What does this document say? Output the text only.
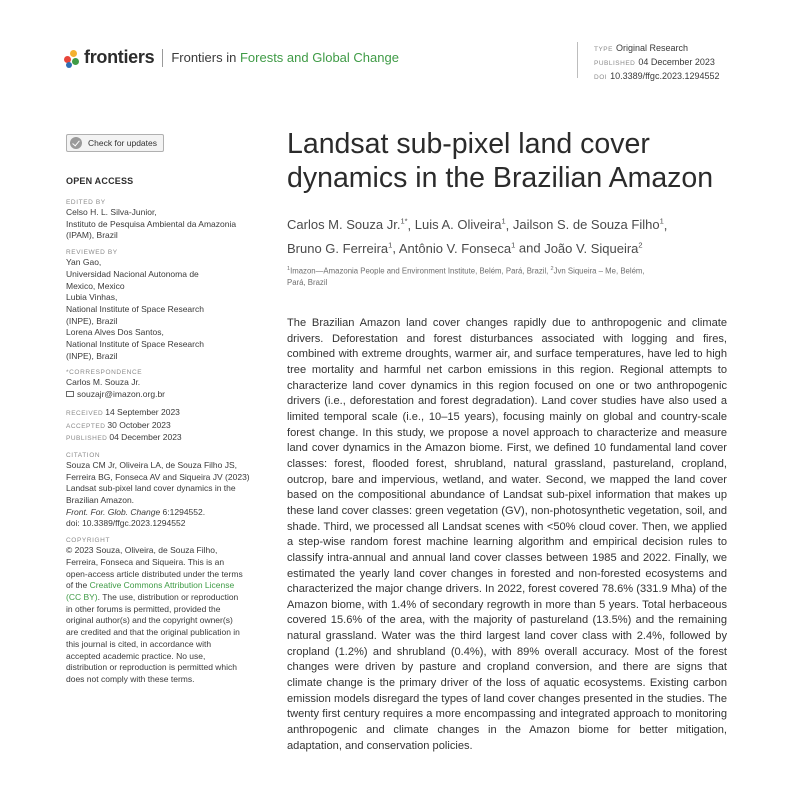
frontiers Frontiers in Forests and Global Change
TYPE Original Research
PUBLISHED 04 December 2023
DOI 10.3389/ffgc.2023.1294552
Check for updates
OPEN ACCESS
EDITED BY
Celso H. L. Silva-Junior,
Instituto de Pesquisa Ambiental da Amazonia
(IPAM), Brazil
REVIEWED BY
Yan Gao,
Universidad Nacional Autonoma de
Mexico, Mexico
Lubia Vinhas,
National Institute of Space Research
(INPE), Brazil
Lorena Alves Dos Santos,
National Institute of Space Research
(INPE), Brazil
*CORRESPONDENCE
Carlos M. Souza Jr.
souzajr@imazon.org.br
RECEIVED 14 September 2023
ACCEPTED 30 October 2023
PUBLISHED 04 December 2023
CITATION
Souza CM Jr, Oliveira LA, de Souza Filho JS,
Ferreira BG, Fonseca AV and Siqueira JV (2023)
Landsat sub-pixel land cover dynamics in the
Brazilian Amazon.
Front. For. Glob. Change 6:1294552.
doi: 10.3389/ffgc.2023.1294552
COPYRIGHT
© 2023 Souza, Oliveira, de Souza Filho,
Ferreira, Fonseca and Siqueira. This is an
open-access article distributed under the terms
of the Creative Commons Attribution License
(CC BY). The use, distribution or reproduction
in other forums is permitted, provided the
original author(s) and the copyright owner(s)
are credited and that the original publication in
this journal is cited, in accordance with
accepted academic practice. No use,
distribution or reproduction is permitted which
does not comply with these terms.
Landsat sub-pixel land cover
dynamics in the Brazilian Amazon
Carlos M. Souza Jr.$^{1*}$, Luis A. Oliveira$^1$, Jailson S. de Souza Filho$^1$,
Bruno G. Ferreira$^1$, Antônio V. Fonseca$^1$ and João V. Siqueira$^2$
$^1$Imazon—Amazonia People and Environment Institute, Belém, Pará, Brazil, $^2$Jvn Siqueira – Me, Belém,
Pará, Brazil

The Brazilian Amazon land cover changes rapidly due to anthropogenic and climate drivers. Deforestation and forest disturbances associated with logging and fires, combined with extreme droughts, warmer air, and surface temperatures, have led to high tree mortality and harmful net carbon emissions in this region. Regional attempts to characterize land cover dynamics in this region focused on one or two anthropogenic drivers (i.e., deforestation and forest degradation). Land cover studies have also used a limited temporal scale (i.e., 10–15 years), focusing mainly on global and country-scale forest change. In this study, we propose a novel approach to characterize and measure land cover dynamics in the Amazon biome. First, we defined 10 fundamental land cover classes: forest, flooded forest, shrubland, natural grassland, pastureland, cropland, outcrop, bare and impervious, wetland, and water. Second, we mapped the land cover based on the compositional abundance of Landsat sub-pixel information that makes up these land cover classes: green vegetation (GV), non-photosynthetic vegetation, soil, and shade. Third, we processed all Landsat scenes with <50% cloud cover. Then, we applied a step-wise random forest machine learning algorithm and empirical decision rules to classify intra-annual and annual land cover classes between 1985 and 2022. Finally, we estimated the yearly land cover changes in forested and non-forested ecosystems and characterized the major change drivers. In 2022, forest covered 78.6% (331.9 Mha) of the Amazon biome, with 1.4% of secondary regrowth in more than 5 years. Total herbaceous covered 15.6% of the area, with the majority of pastureland (13.5%) and the remaining natural grassland. Water was the third largest land cover class with 2.4%, followed by cropland (1.2%) and shrubland (0.4%), with 89% overall accuracy. Most of the forest changes were driven by pasture and cropland conversion, and there are signs that climate change is the primary driver of the loss of aquatic ecosystems. Existing carbon emission models disregard the types of land cover changes presented in the studies. The twenty first century requires a more encompassing and integrated approach to monitoring anthropogenic and climate changes in the Amazon biome for better mitigation, adaptation, and conservation policies.
